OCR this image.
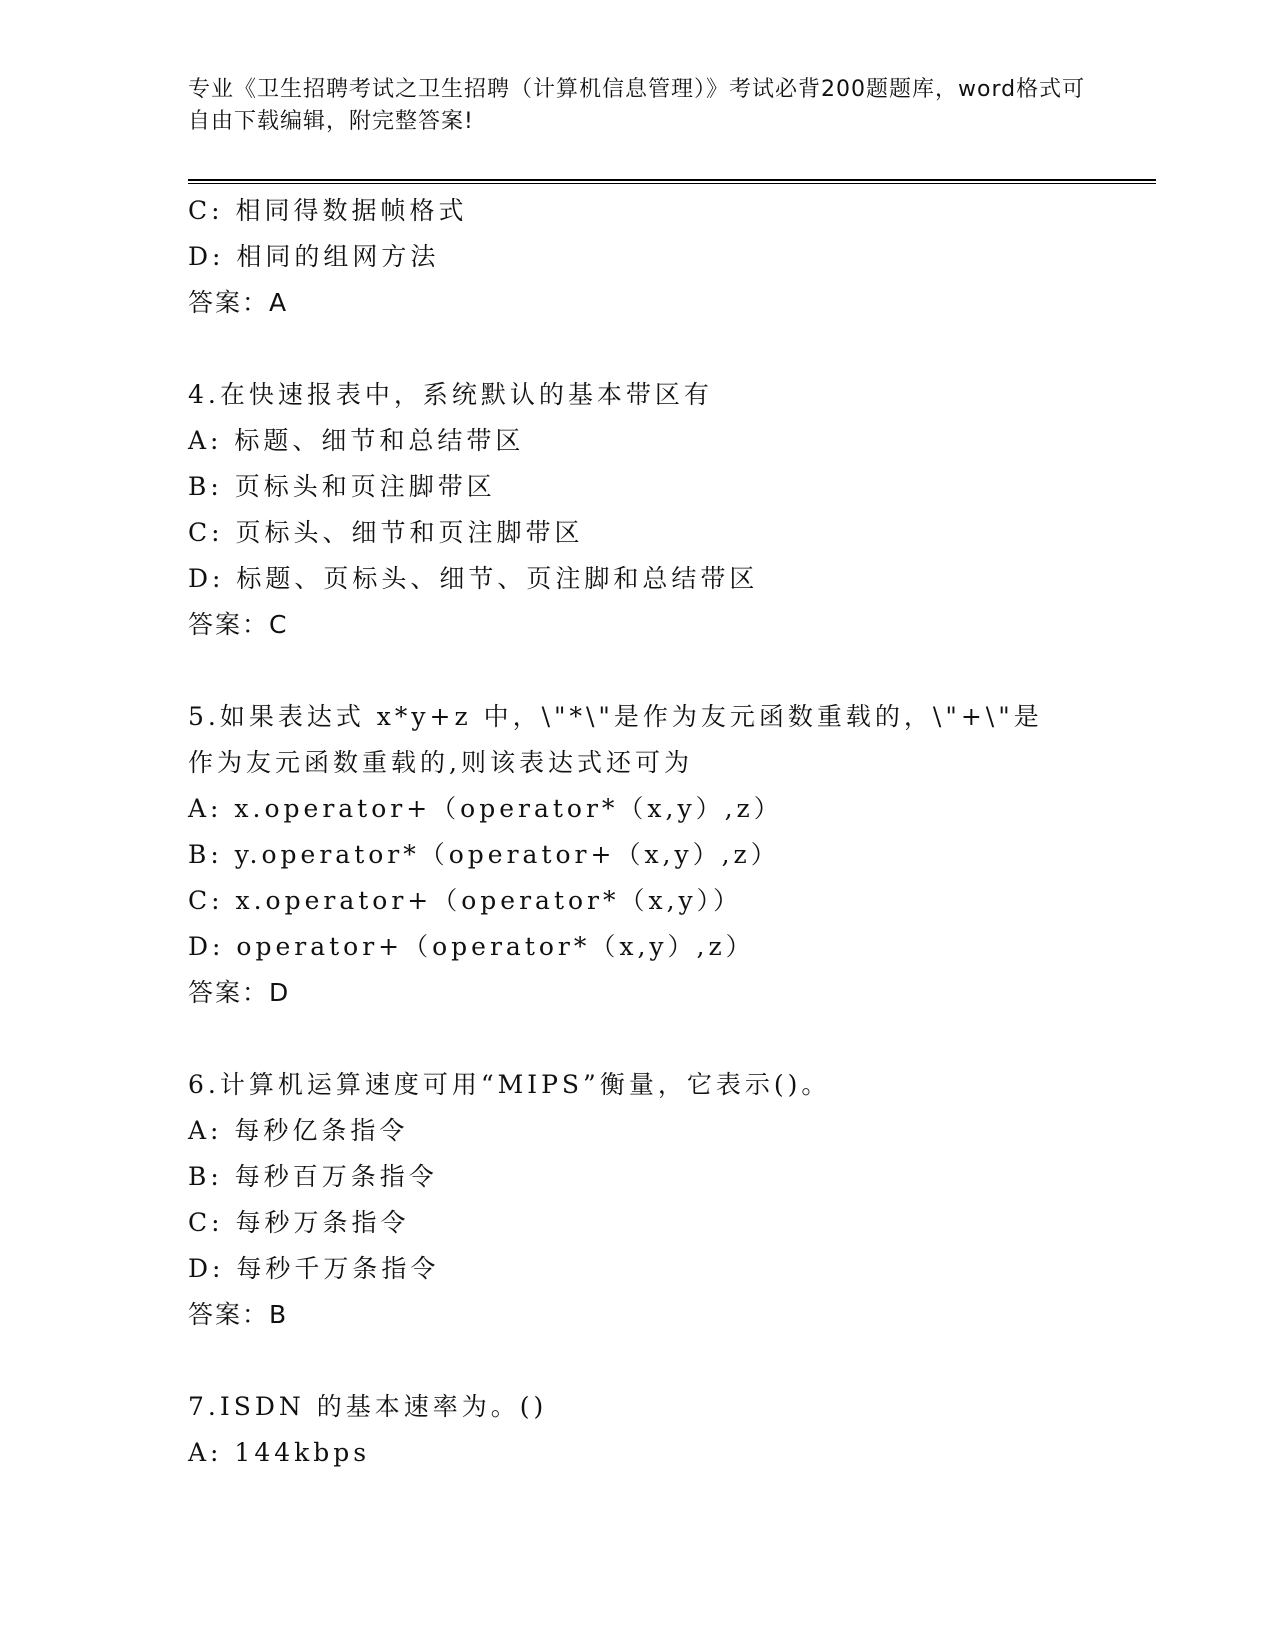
专业《卫生招聘考试之卫生招聘（计算机信息管理）》考试必背200题题库，word格式可自由下载编辑，附完整答案!
C: 相同得数据帧格式
D: 相同的组网方法
答案：A
4.在快速报表中，系统默认的基本带区有
A: 标题、细节和总结带区
B: 页标头和页注脚带区
C: 页标头、细节和页注脚带区
D: 标题、页标头、细节、页注脚和总结带区
答案：C
5.如果表达式 x*y+z 中，\"*\"是作为友元函数重载的，\"+\"是作为友元函数重载的,则该表达式还可为
A: x.operator+（operator*（x,y）,z）
B: y.operator*（operator+（x,y）,z）
C: x.operator+（operator*（x,y））
D: operator+（operator*（x,y）,z）
答案：D
6.计算机运算速度可用“MIPS”衡量，它表示()。
A: 每秒亿条指令
B: 每秒百万条指令
C: 每秒万条指令
D: 每秒千万条指令
答案：B
7.ISDN 的基本速率为。()
A: 144kbps
